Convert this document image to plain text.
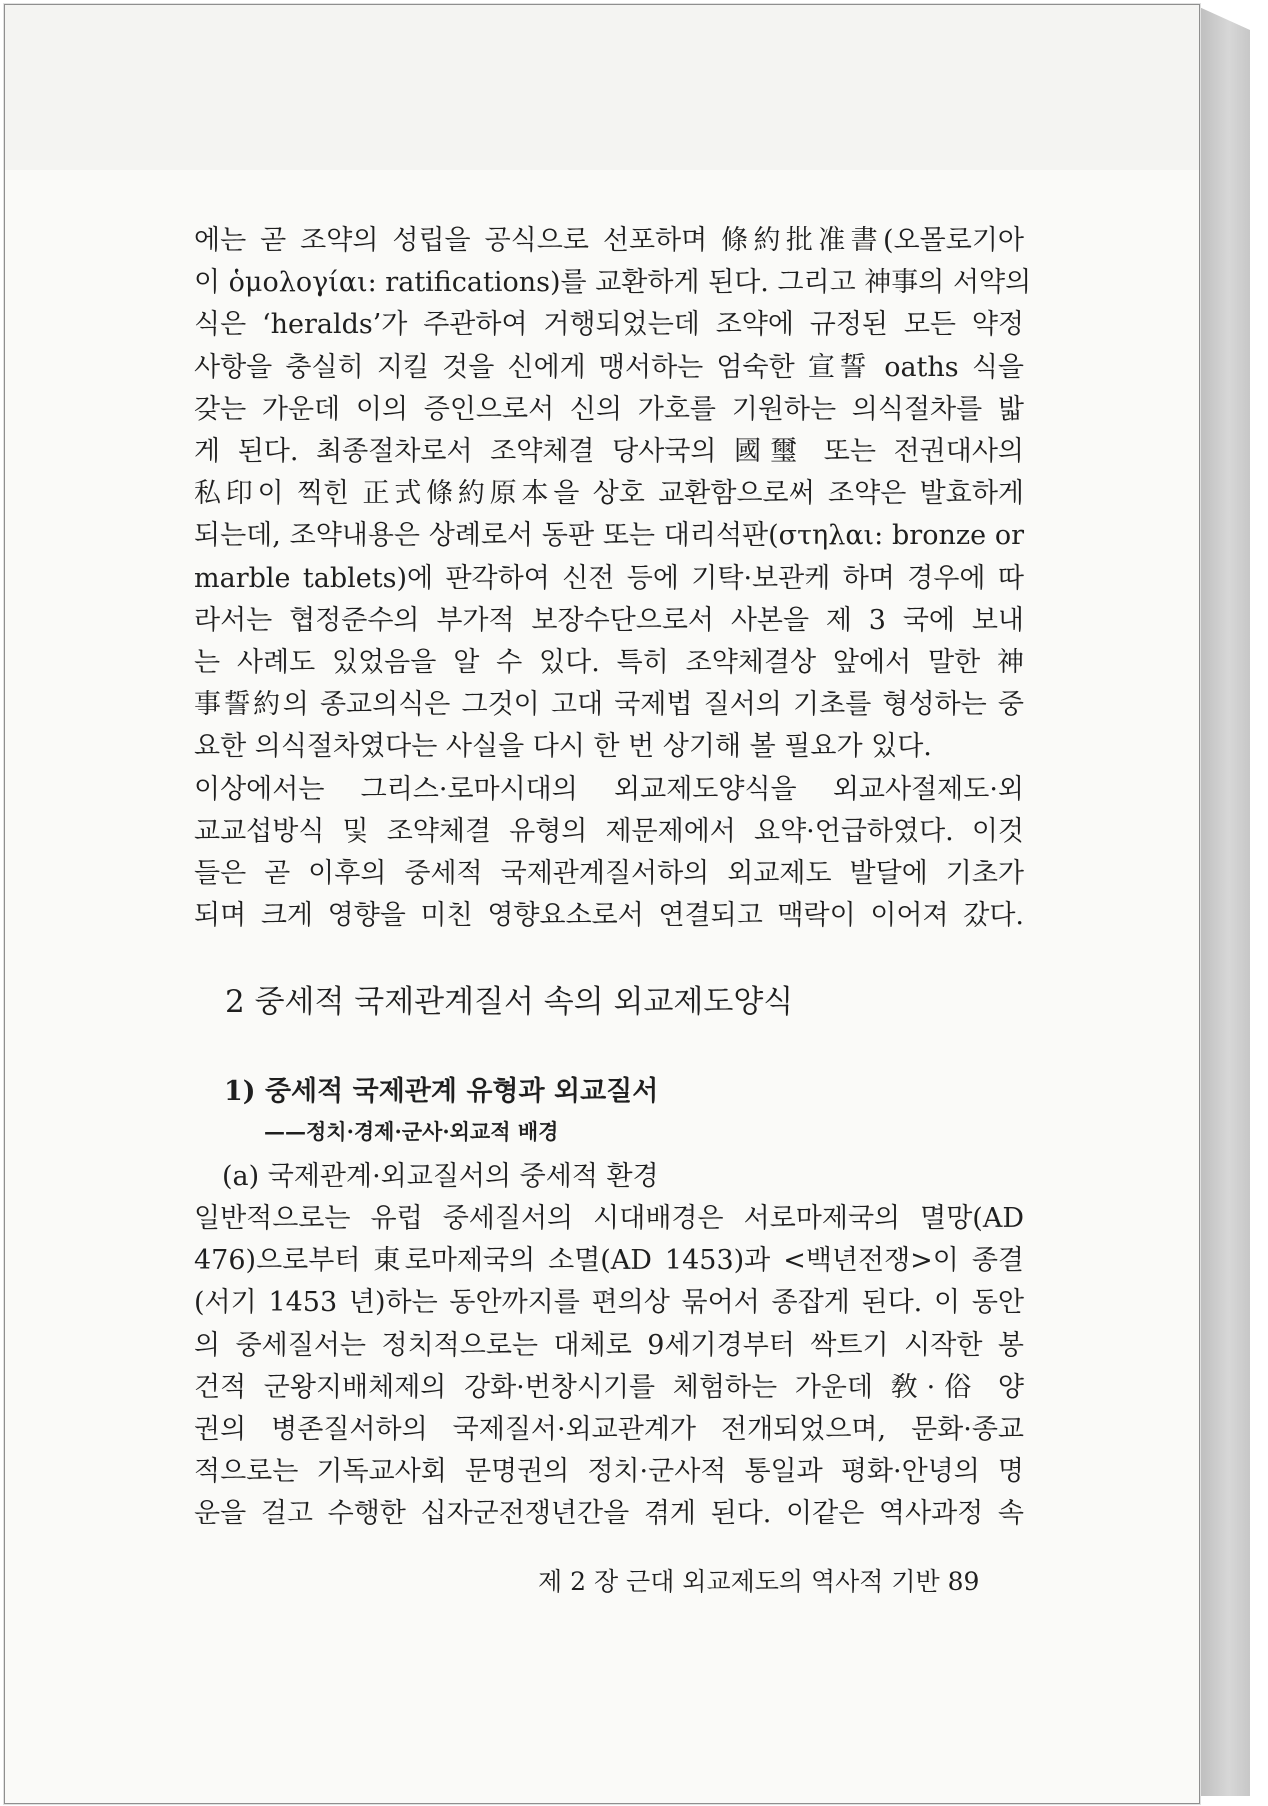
에는 곧 조약의 성립을 공식으로 선포하며 條約批准書(오몰로기아
이 ὁμολογίαι: ratifications)를 교환하게 된다. 그리고 神事의 서약의
식은 ‘heralds’가 주관하여 거행되었는데 조약에 규정된 모든 약정
사항을 충실히 지킬 것을 신에게 맹서하는 엄숙한 宣誓 oaths 식을
갖는 가운데 이의 증인으로서 신의 가호를 기원하는 의식절차를 밟
게 된다. 최종절차로서 조약체결 당사국의 國璽 또는 전권대사의
私印이 찍힌 正式條約原本을 상호 교환함으로써 조약은 발효하게
되는데, 조약내용은 상례로서 동판 또는 대리석판(στηλαι: bronze or
marble tablets)에 판각하여 신전 등에 기탁·보관케 하며 경우에 따
라서는 협정준수의 부가적 보장수단으로서 사본을 제 3 국에 보내
는 사례도 있었음을 알 수 있다. 특히 조약체결상 앞에서 말한 神
事誓約의 종교의식은 그것이 고대 국제법 질서의 기초를 형성하는 중
요한 의식절차였다는 사실을 다시 한 번 상기해 볼 필요가 있다.
이상에서는 그리스·로마시대의 외교제도양식을 외교사절제도·외
교교섭방식 및 조약체결 유형의 제문제에서 요약·언급하였다. 이것
들은 곧 이후의 중세적 국제관계질서하의 외교제도 발달에 기초가
되며 크게 영향을 미친 영향요소로서 연결되고 맥락이 이어져 갔다.
2 중세적 국제관계질서 속의 외교제도양식
1) 중세적 국제관계 유형과 외교질서
——정치·경제·군사·외교적 배경
(a) 국제관계·외교질서의 중세적 환경
일반적으로는 유럽 중세질서의 시대배경은 서로마제국의 멸망(AD
476)으로부터 東로마제국의 소멸(AD 1453)과 <백년전쟁>이 종결
(서기 1453 년)하는 동안까지를 편의상 묶어서 종잡게 된다. 이 동안
의 중세질서는 정치적으로는 대체로 9세기경부터 싹트기 시작한 봉
건적 군왕지배체제의 강화·번창시기를 체험하는 가운데 敎·俗 양
권의 병존질서하의 국제질서·외교관계가 전개되었으며, 문화·종교
적으로는 기독교사회 문명권의 정치·군사적 통일과 평화·안녕의 명
운을 걸고 수행한 십자군전쟁년간을 겪게 된다. 이같은 역사과정 속
제 2 장 근대 외교제도의 역사적 기반 89
